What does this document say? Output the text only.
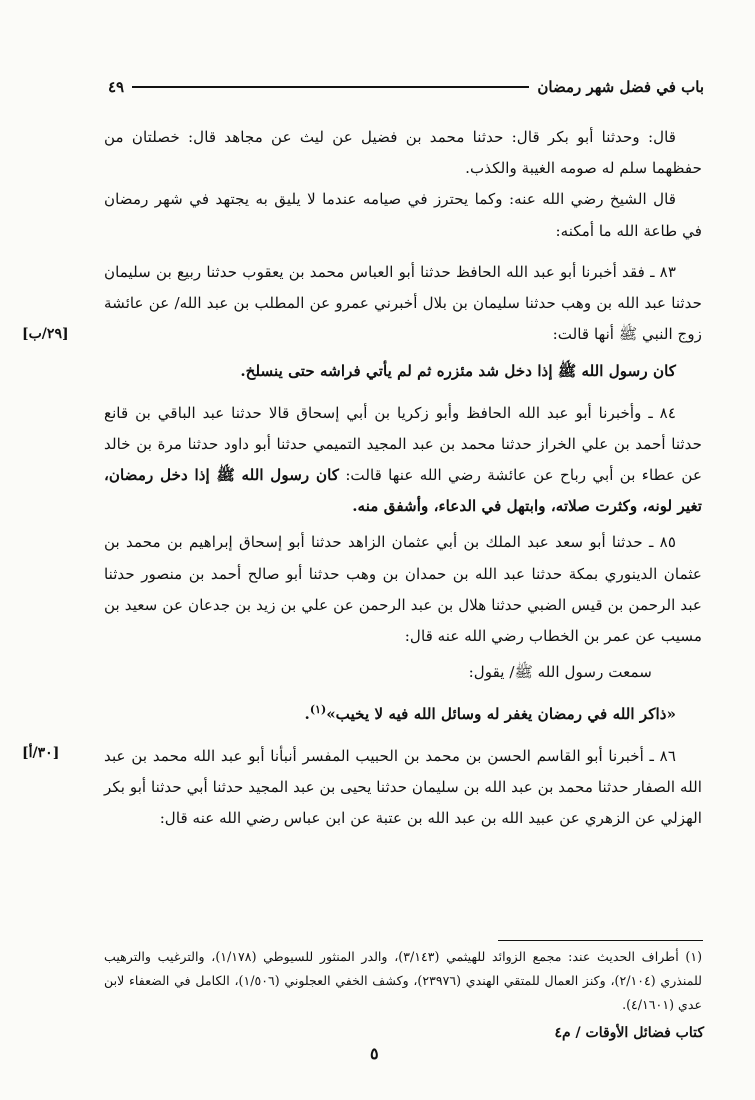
باب في فضل شهر رمضان
٤٩

قال: وحدثنا أبو بكر قال: حدثنا محمد بن فضيل عن ليث عن مجاهد قال: خصلتان من حفظهما سلم له صومه الغيبة والكذب.

قال الشيخ رضي الله عنه: وكما يحترز في صيامه عندما لا يليق به يجتهد في شهر رمضان في طاعة الله ما أمكنه:

٨٣ ـ فقد أخبرنا أبو عبد الله الحافظ حدثنا أبو العباس محمد بن يعقوب حدثنا ربيع بن سليمان حدثنا عبد الله بن وهب حدثنا سليمان بن بلال أخبرني عمرو عن المطلب بن عبد الله/ عن عائشة زوج النبي ﷺ أنها قالت:

كان رسول الله ﷺ إذا دخل شد مئزره ثم لم يأتي فراشه حتى ينسلخ.

٨٤ ـ وأخبرنا أبو عبد الله الحافظ وأبو زكريا بن أبي إسحاق قالا حدثنا عبد الباقي بن قانع حدثنا أحمد بن علي الخراز حدثنا محمد بن عبد المجيد التميمي حدثنا أبو داود حدثنا مرة بن خالد عن عطاء بن أبي رباح عن عائشة رضي الله عنها قالت: كان رسول الله ﷺ إذا دخل رمضان، تغير لونه، وكثرت صلاته، وابتهل في الدعاء، وأشفق منه.

٨٥ ـ حدثنا أبو سعد عبد الملك بن أبي عثمان الزاهد حدثنا أبو إسحاق إبراهيم بن محمد بن عثمان الدينوري بمكة حدثنا عبد الله بن حمدان بن وهب حدثنا أبو صالح أحمد بن منصور حدثنا عبد الرحمن بن قيس الضبي حدثنا هلال بن عبد الرحمن عن علي بن زيد بن جدعان عن سعيد بن مسيب عن عمر بن الخطاب رضي الله عنه قال:

سمعت رسول الله ﷺ/ يقول:

«ذاكر الله في رمضان يغفر له وسائل الله فيه لا يخيب»$^{(١)}$.

٨٦ ـ أخبرنا أبو القاسم الحسن بن محمد بن الحبيب المفسر أنبأنا أبو عبد الله محمد بن عبد الله الصفار حدثنا محمد بن عبد الله بن سليمان حدثنا يحيى بن عبد المجيد حدثنا أبي حدثنا أبو بكر الهزلي عن الزهري عن عبيد الله بن عبد الله بن عتبة عن ابن عباس رضي الله عنه قال:

[٢٩/ب]
[٣٠/أ]

(١) أطراف الحديث عند: مجمع الزوائد للهيثمي (٣/١٤٣)، والدر المنثور للسيوطي (١/١٧٨)، والترغيب والترهيب للمنذري (٢/١٠٤)، وكنز العمال للمتقي الهندي (٢٣٩٧٦)، وكشف الخفي العجلوني (١/٥٠٦)، الكامل في الضعفاء لابن عدي (٤/١٦٠١).

كتاب فضائل الأوقات / م٤
٥
